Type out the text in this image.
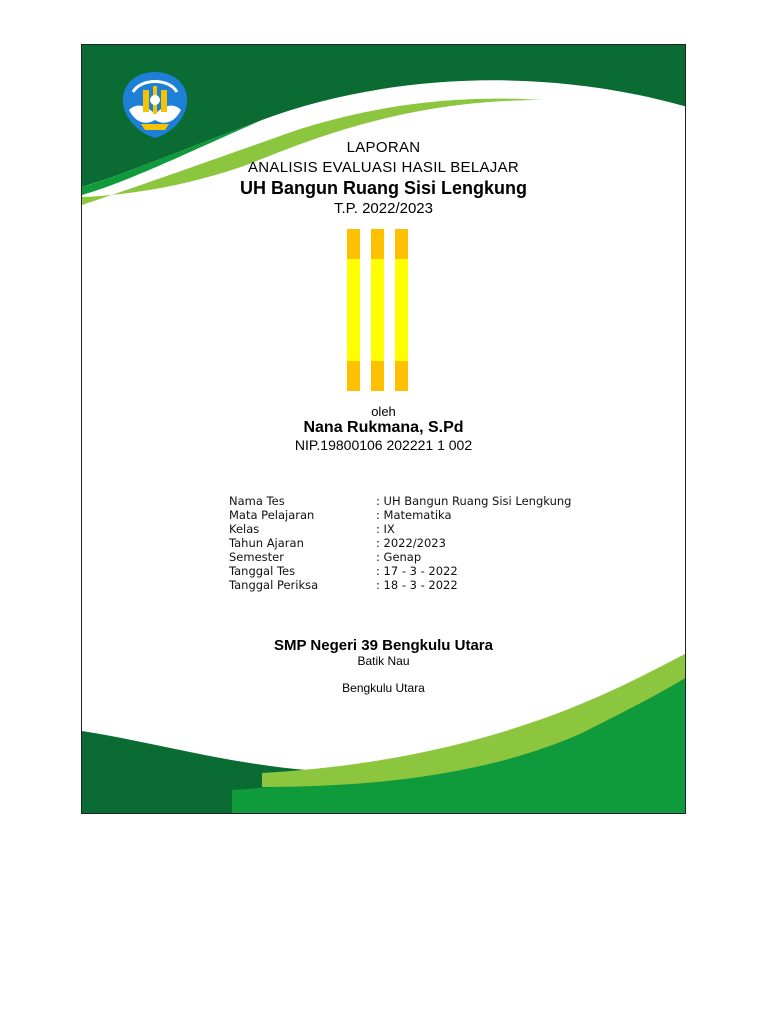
LAPORAN
ANALISIS EVALUASI HASIL BELAJAR
UH Bangun Ruang Sisi Lengkung
T.P. 2022/2023
oleh
Nana Rukmana, S.Pd
NIP.19800106 202221 1 002
Nama Tes	: UH Bangun Ruang Sisi Lengkung
Mata Pelajaran	: Matematika
Kelas	: IX
Tahun Ajaran	: 2022/2023
Semester	: Genap
Tanggal Tes	: 17 - 3 - 2022
Tanggal Periksa	: 18 - 3 - 2022
SMP Negeri 39 Bengkulu Utara
Batik Nau
Bengkulu Utara
